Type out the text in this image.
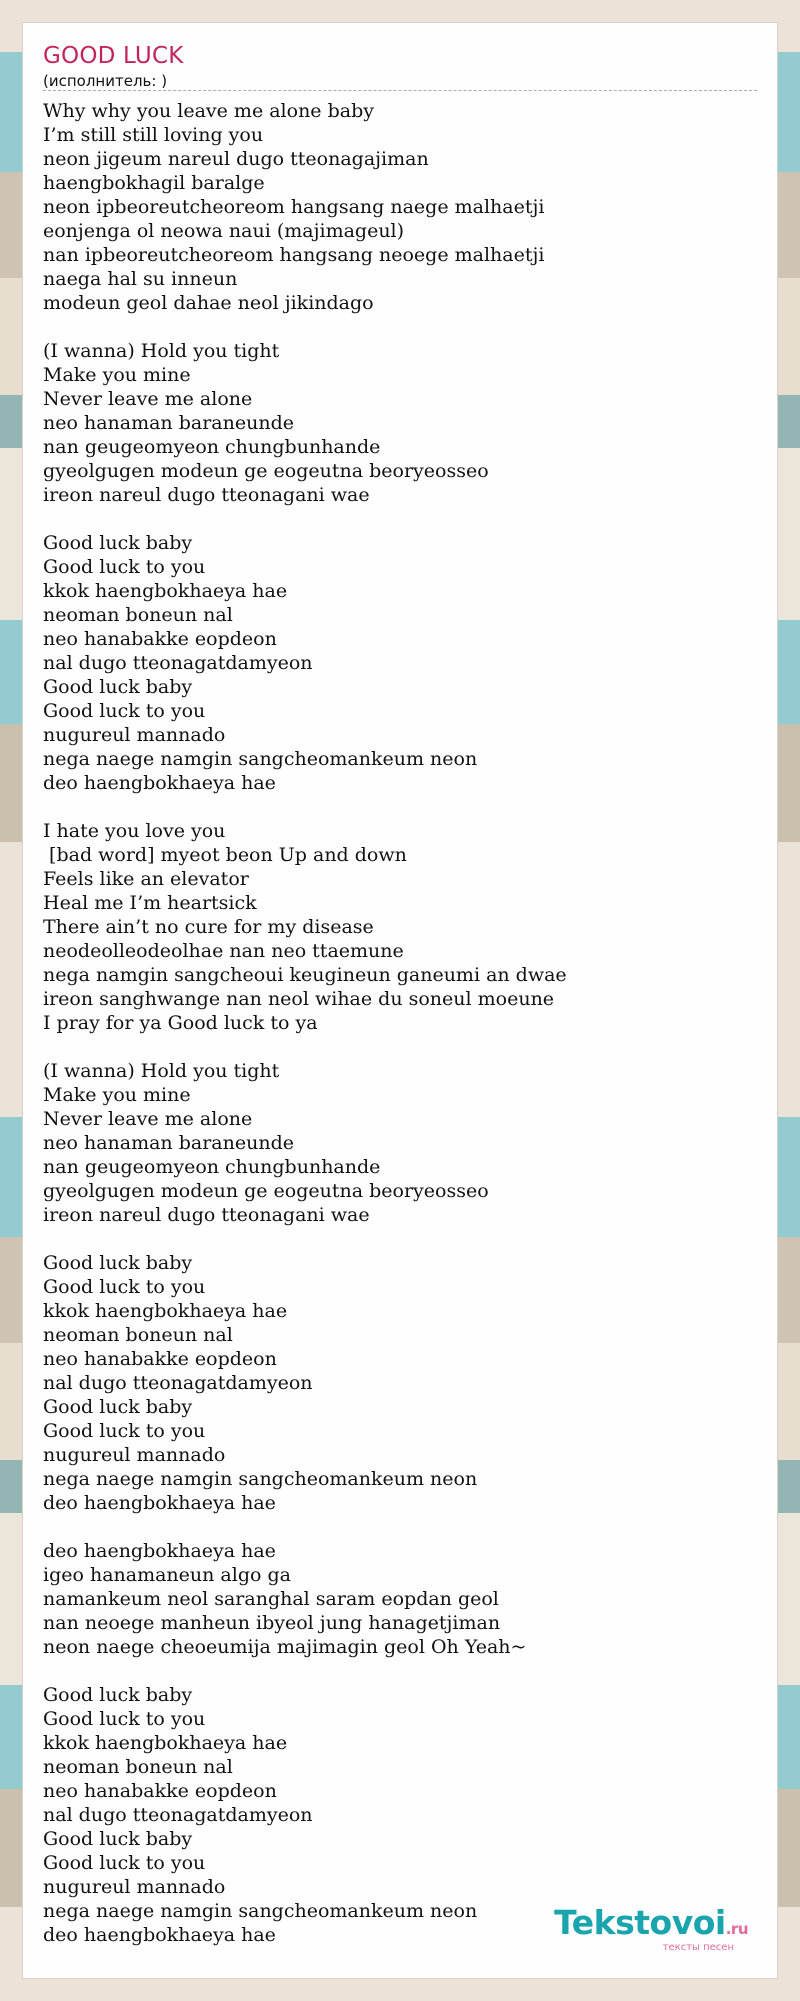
GOOD LUCK
(исполнитель: )
Why why you leave me alone baby
I’m still still loving you
neon jigeum nareul dugo tteonagajiman
haengbokhagil baralge
neon ipbeoreutcheoreom hangsang naege malhaetji
eonjenga ol neowa naui (majimageul)
nan ipbeoreutcheoreom hangsang neoege malhaetji
naega hal su inneun
modeun geol dahae neol jikindago
(I wanna) Hold you tight
Make you mine
Never leave me alone
neo hanaman baraneunde
nan geugeomyeon chungbunhande
gyeolgugen modeun ge eogeutna beoryeosseo
ireon nareul dugo tteonagani wae
Good luck baby
Good luck to you
kkok haengbokhaeya hae
neoman boneun nal
neo hanabakke eopdeon
nal dugo tteonagatdamyeon
Good luck baby
Good luck to you
nugureul mannado
nega naege namgin sangcheomankeum neon
deo haengbokhaeya hae
I hate you love you
[bad word] myeot beon Up and down
Feels like an elevator
Heal me I’m heartsick
There ain’t no cure for my disease
neodeolleodeolhae nan neo ttaemune
nega namgin sangcheoui keugineun ganeumi an dwae
ireon sanghwange nan neol wihae du soneul moeune
I pray for ya Good luck to ya
(I wanna) Hold you tight
Make you mine
Never leave me alone
neo hanaman baraneunde
nan geugeomyeon chungbunhande
gyeolgugen modeun ge eogeutna beoryeosseo
ireon nareul dugo tteonagani wae
Good luck baby
Good luck to you
kkok haengbokhaeya hae
neoman boneun nal
neo hanabakke eopdeon
nal dugo tteonagatdamyeon
Good luck baby
Good luck to you
nugureul mannado
nega naege namgin sangcheomankeum neon
deo haengbokhaeya hae
deo haengbokhaeya hae
igeo hanamaneun algo ga
namankeum neol saranghal saram eopdan geol
nan neoege manheun ibyeol jung hanagetjiman
neon naege cheoeumija majimagin geol Oh Yeah~
Good luck baby
Good luck to you
kkok haengbokhaeya hae
neoman boneun nal
neo hanabakke eopdeon
nal dugo tteonagatdamyeon
Good luck baby
Good luck to you
nugureul mannado
nega naege namgin sangcheomankeum neon
deo haengbokhaeya hae	Tekstovoi.ru
тексты песен
